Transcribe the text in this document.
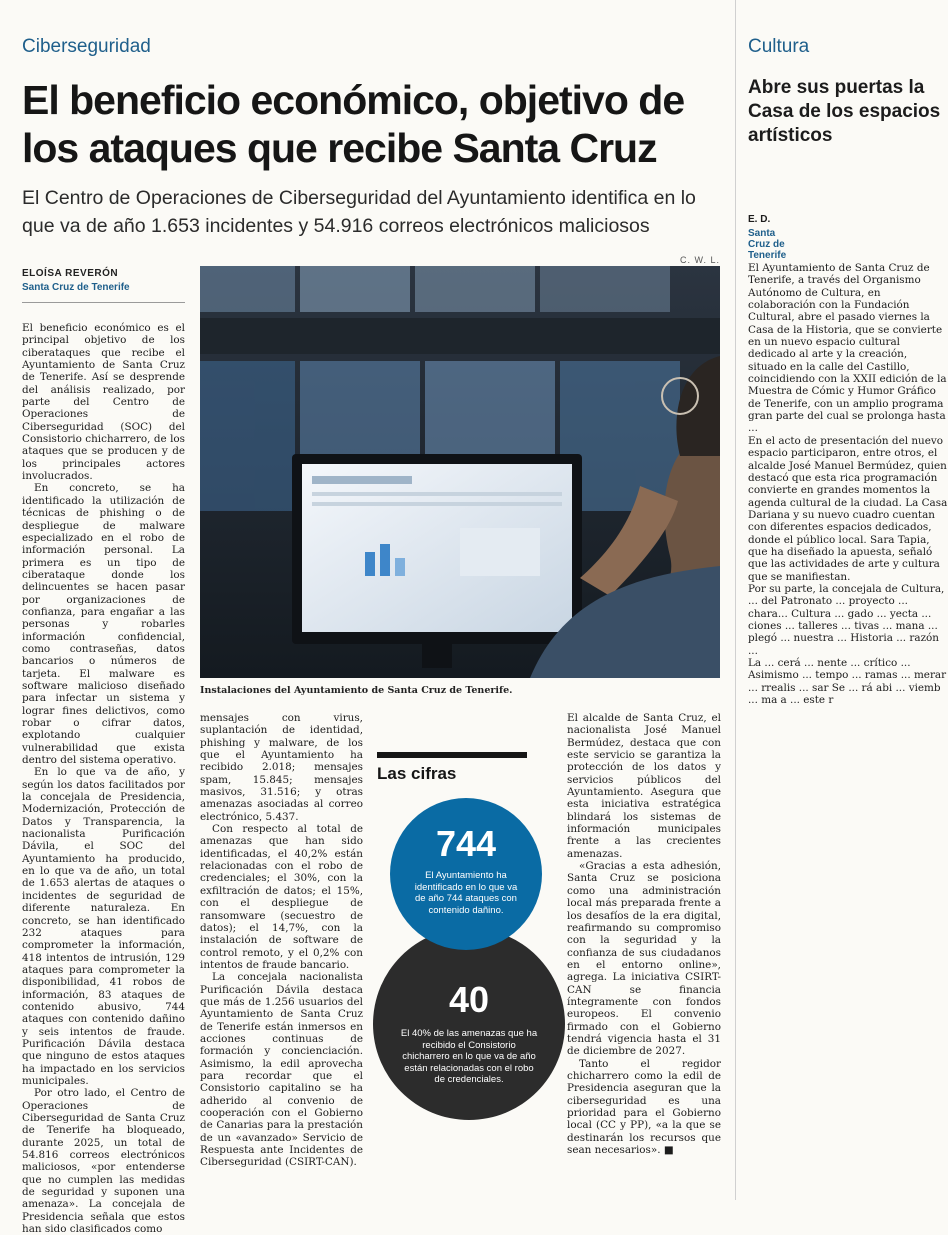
Ciberseguridad
El beneficio económico, objetivo de los ataques que recibe Santa Cruz

El Centro de Operaciones de Ciberseguridad del Ayuntamiento identifica en lo que va de año 1.653 incidentes y 54.916 correos electrónicos maliciosos

ELOÍSA REVERÓN
Santa Cruz de Tenerife
C. W. L.
Instalaciones del Ayuntamiento de Santa Cruz de Tenerife.

El beneficio económico es el principal objetivo de los ciberataques que recibe el Ayuntamiento de Santa Cruz de Tenerife. Así se desprende del análisis realizado, por parte del Centro de Operaciones de Ciberseguridad (SOC) del Consistorio chicharrero, de los ataques que se producen y de los principales actores involucrados.

En concreto, se ha identificado la utilización de técnicas de phishing o de despliegue de malware especializado en el robo de información personal. La primera es un tipo de ciberataque donde los delincuentes se hacen pasar por organizaciones de confianza, para engañar a las personas y robarles información confidencial, como contraseñas, datos bancarios o números de tarjeta. El malware es software malicioso diseñado para infectar un sistema y lograr fines delictivos, como robar o cifrar datos, explotando cualquier vulnerabilidad que exista dentro del sistema operativo.

En lo que va de año, y según los datos facilitados por la concejala de Presidencia, Modernización, Protección de Datos y Transparencia, la nacionalista Purificación Dávila, el SOC del Ayuntamiento ha producido, en lo que va de año, un total de 1.653 alertas de ataques o incidentes de seguridad de diferente naturaleza. En concreto, se han identificado 232 ataques para comprometer la información, 418 intentos de intrusión, 129 ataques para comprometer la disponibilidad, 41 robos de información, 83 ataques de contenido abusivo, 744 ataques con contenido dañino y seis intentos de fraude. Purificación Dávila destaca que ninguno de estos ataques ha impactado en los servicios municipales.

Por otro lado, el Centro de Operaciones de Ciberseguridad de Santa Cruz de Tenerife ha bloqueado, durante 2025, un total de 54.816 correos electrónicos maliciosos, «por entenderse que no cumplen las medidas de seguridad y suponen una amenaza». La concejala de Presidencia señala que estos han sido clasificados como

mensajes con virus, suplantación de identidad, phishing y malware, de los que el Ayuntamiento ha recibido 2.018; mensajes spam, 15.845; mensajes masivos, 31.516; y otras amenazas asociadas al correo electrónico, 5.437.

Con respecto al total de amenazas que han sido identificadas, el 40,2% están relacionadas con el robo de credenciales; el 30%, con la exfiltración de datos; el 15%, con el despliegue de ransomware (secuestro de datos); el 14,7%, con la instalación de software de control remoto, y el 0,2% con intentos de fraude bancario.

La concejala nacionalista Purificación Dávila destaca que más de 1.256 usuarios del Ayuntamiento de Santa Cruz de Tenerife están inmersos en acciones continuas de formación y concienciación. Asimismo, la edil aprovecha para recordar que el Consistorio capitalino se ha adherido al convenio de cooperación con el Gobierno de Canarias para la prestación de un «avanzado» Servicio de Respuesta ante Incidentes de Ciberseguridad (CSIRT-CAN).

El alcalde de Santa Cruz, el nacionalista José Manuel Bermúdez, destaca que con este servicio se garantiza la protección de los datos y servicios públicos del Ayuntamiento. Asegura que esta iniciativa estratégica blindará los sistemas de información municipales frente a las crecientes amenazas.

«Gracias a esta adhesión, Santa Cruz se posiciona como una administración local más preparada frente a los desafíos de la era digital, reafirmando su compromiso con la seguridad y la confianza de sus ciudadanos en el entorno online», agrega. La iniciativa CSIRT-CAN se financia íntegramente con fondos europeos. El convenio firmado con el Gobierno tendrá vigencia hasta el 31 de diciembre de 2027.

Tanto el regidor chicharrero como la edil de Presidencia aseguran que la ciberseguridad es una prioridad para el Gobierno local (CC y PP), «a la que se destinarán los recursos que sean necesarios». ■

Las cifras
744
El Ayuntamiento ha identificado en lo que va de año 744 ataques con contenido dañino.
40
El 40% de las amenazas que ha recibido el Consistorio chicharrero en lo que va de año están relacionadas con el robo de credenciales.
Cultura
Abre sus puertas la Casa de los espacios artísticos
E. D.
Santa Cruz de Tenerife

El Ayuntamiento de Santa Cruz de Tenerife, a través del Organismo Autónomo de Cultura, en colaboración con la Fundación Cultural, abre el pasado viernes la Casa de la Historia, que se convierte en un nuevo espacio cultural dedicado al arte y la creación, situado en la calle del Castillo, coincidiendo con la XXII edición de la Muestra de Cómic y Humor Gráfico de Tenerife, con un amplio programa gran parte del cual se prolonga hasta ...

En el acto de presentación del nuevo espacio participaron, entre otros, el alcalde José Manuel Bermúdez, quien destacó que esta rica programación convierte en grandes momentos la agenda cultural de la ciudad. La Casa Dariana y su nuevo cuadro cuentan con diferentes espacios dedicados, donde el público local. Sara Tapia, que ha diseñado la apuesta, señaló que las actividades de arte y cultura que se manifiestan.

Por su parte, la concejala de Cultura, ... del Patronato ... proyecto ... chara... Cultura ... gado ... yecta ... ciones ... talleres ... tivas ... mana ... plegó ... nuestra ... Historia ... razón ...

La ... cerá ... nente ... crítico ... Asimismo ... tempo ... ramas ... merar ... rrealis ... sar Se ... rá abi ... viemb ... ma a ... este r
